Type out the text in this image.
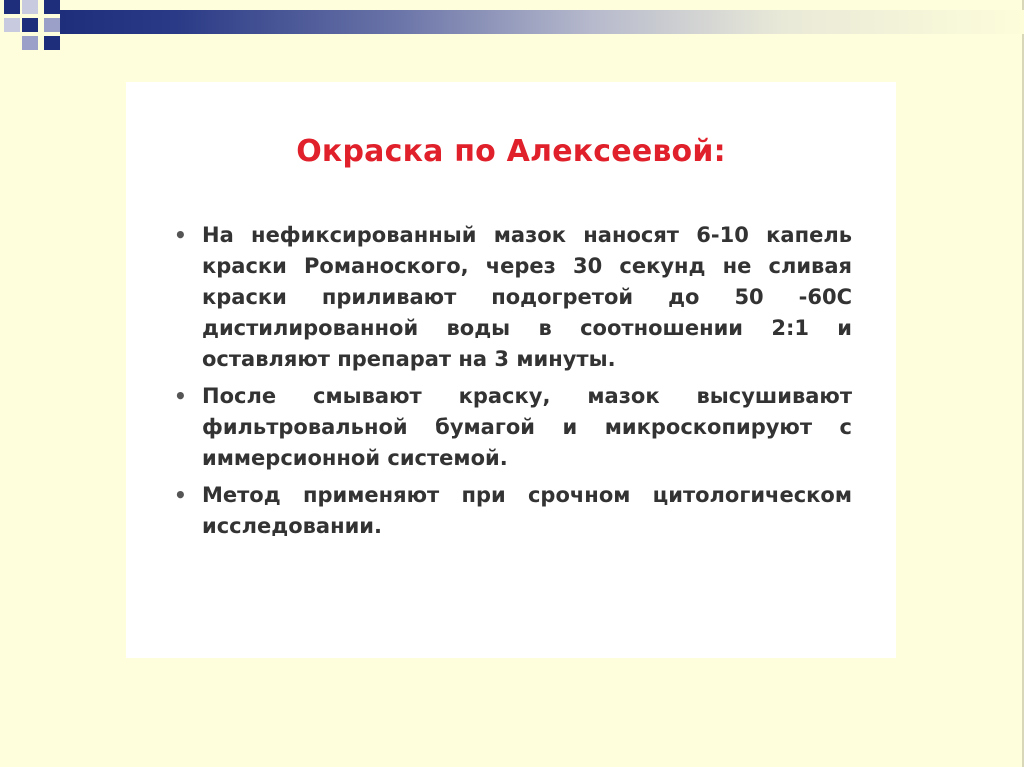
Окраска по Алексеевой:
• На нефиксированный мазок наносят 6-10 капель краски Романоского, через 30 секунд не сливая краски приливают подогретой до 50 -60С дистилированной воды в соотношении 2:1 и оставляют препарат на 3 минуты.
• После смывают краску, мазок высушивают фильтровальной бумагой и микроскопируют с иммерсионной системой.
• Метод применяют при срочном цитологическом исследовании.
